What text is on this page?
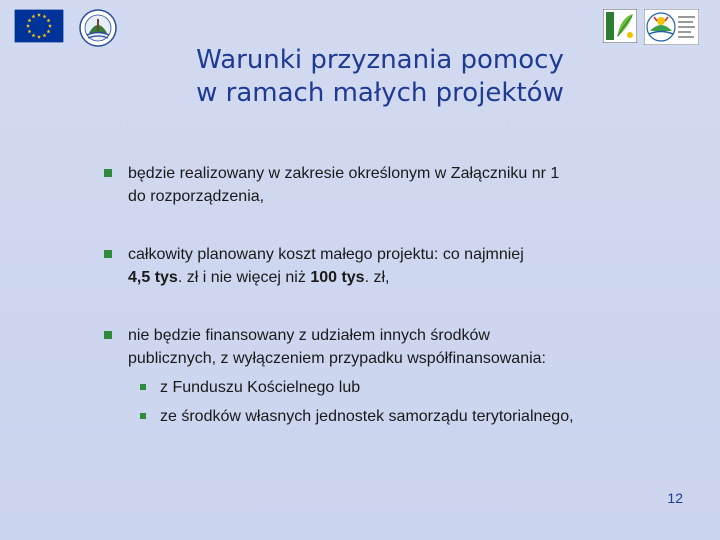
Warunki przyznania pomocy
w ramach małych projektów
będzie realizowany w zakresie określonym w Załączniku nr 1
do rozporządzenia,
całkowity planowany koszt małego projektu: co najmniej
4,5 tys. zł i nie więcej niż 100 tys. zł,
nie będzie finansowany z udziałem innych środków
publicznych, z wyłączeniem przypadku współfinansowania:
z Funduszu Kościelnego lub
ze środków własnych jednostek samorządu terytorialnego,
12
